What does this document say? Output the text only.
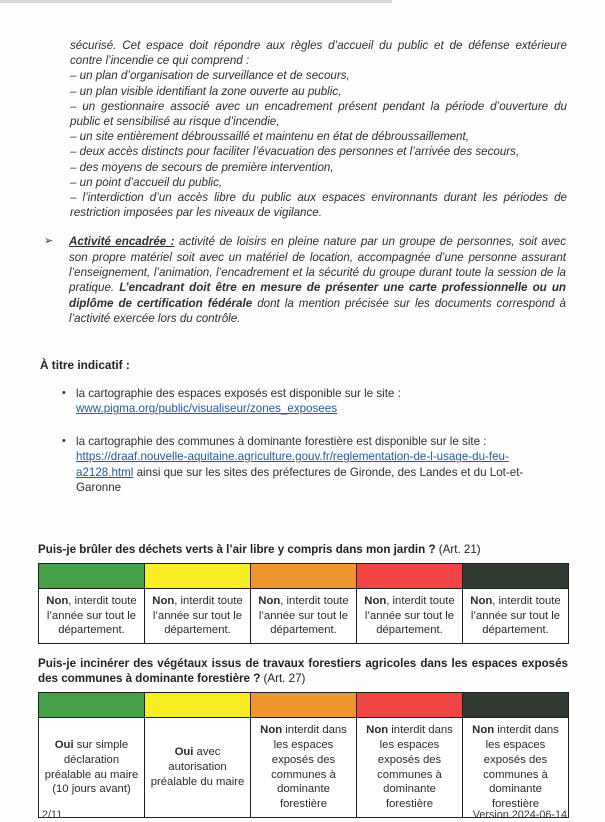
sécurisé. Cet espace doit répondre aux règles d’accueil du public et de défense extérieure contre l’incendie ce qui comprend :

– un plan d’organisation de surveillance et de secours,

– un plan visible identifiant la zone ouverte au public,

– un gestionnaire associé avec un encadrement présent pendant la période d’ouverture du public et sensibilisé au risque d’incendie,

– un site entièrement débroussaillé et maintenu en état de débroussaillement,

– deux accès distincts pour faciliter l’évacuation des personnes et l’arrivée des secours,

– des moyens de secours de première intervention,

– un point d’accueil du public,

– l’interdiction d’un accès libre du public aux espaces environnants durant les périodes de restriction imposées par les niveaux de vigilance.

➢	Activité encadrée : activité de loisirs en pleine nature par un groupe de personnes, soit avec son propre matériel soit avec un matériel de location, accompagnée d’une personne assurant l’enseignement, l’animation, l’encadrement et la sécurité du groupe durant toute la session de la pratique. L’encadrant doit être en mesure de présenter une carte professionnelle ou un diplôme de certification fédérale dont la mention précisée sur les documents correspond à l’activité exercée lors du contrôle.

À titre indicatif :
• la cartographie des espaces exposés est disponible sur le site :
www.pigma.org/public/visualiseur/zones_exposees

• la cartographie des communes à dominante forestière est disponible sur le site :
https://draaf.nouvelle-aquitaine.agriculture.gouv.fr/reglementation-de-l-usage-du-feu-a2128.html ainsi que sur les sites des préfectures de Gironde, des Landes et du Lot-et-Garonne

Puis-je brûler des déchets verts à l’air libre y compris dans mon jardin ? (Art. 21)

Non, interdit toute l’année sur tout le département.	Non, interdit toute l’année sur tout le département.	Non, interdit toute l’année sur tout le département.	Non, interdit toute l’année sur tout le département.	Non, interdit toute l’année sur tout le département.

Puis-je incinérer des végétaux issus de travaux forestiers agricoles dans les espaces exposés des communes à dominante forestière ? (Art. 27)

Oui sur simple déclaration préalable au maire (10 jours avant)	Oui avec autorisation préalable du maire	Non interdit dans les espaces exposés des communes à dominante forestière	Non interdit dans les espaces exposés des communes à dominante forestière	Non interdit dans les espaces exposés des communes à dominante forestière
2/11	Version 2024-06-14
